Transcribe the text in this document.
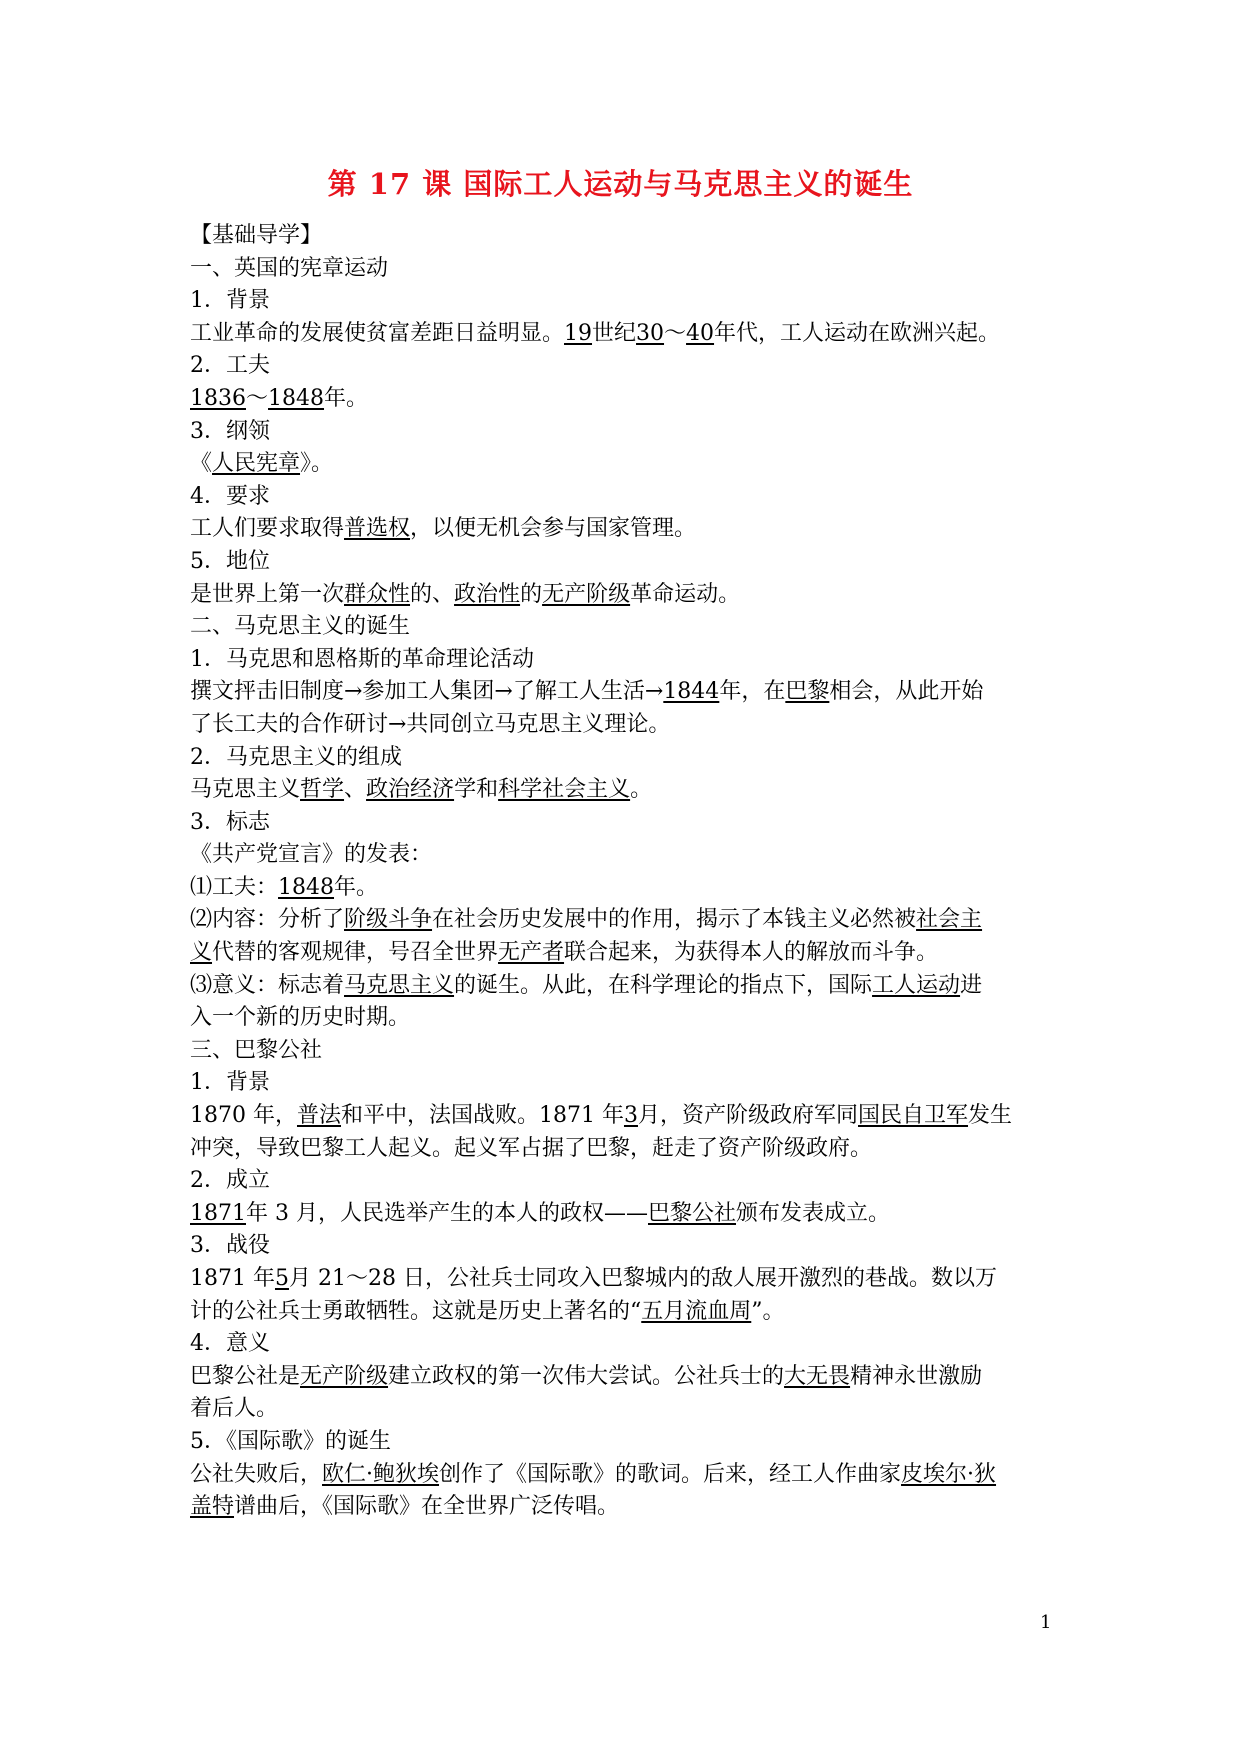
第 17 课 国际工人运动与马克思主义的诞生
【基础导学】
一、英国的宪章运动
1．背景
工业革命的发展使贫富差距日益明显。19世纪30～40年代，工人运动在欧洲兴起。
2．工夫
1836～1848年。
3．纲领
《人民宪章》。
4．要求
工人们要求取得普选权，以便无机会参与国家管理。
5．地位
是世界上第一次群众性的、政治性的无产阶级革命运动。
二、马克思主义的诞生
1．马克思和恩格斯的革命理论活动
撰文抨击旧制度→参加工人集团→了解工人生活→1844年，在巴黎相会，从此开始
了长工夫的合作研讨→共同创立马克思主义理论。
2．马克思主义的组成
马克思主义哲学、政治经济学和科学社会主义。
3．标志
《共产党宣言》的发表：
⑴工夫：1848年。
⑵内容：分析了阶级斗争在社会历史发展中的作用，揭示了本钱主义必然被社会主
义代替的客观规律，号召全世界无产者联合起来，为获得本人的解放而斗争。
⑶意义：标志着马克思主义的诞生。从此，在科学理论的指点下，国际工人运动进
入一个新的历史时期。
三、巴黎公社
1．背景
1870 年，普法和平中，法国战败。1871 年3月，资产阶级政府军同国民自卫军发生
冲突，导致巴黎工人起义。起义军占据了巴黎，赶走了资产阶级政府。
2．成立
1871年 3 月，人民选举产生的本人的政权——巴黎公社颁布发表成立。
3．战役
1871 年5月 21～28 日，公社兵士同攻入巴黎城内的敌人展开激烈的巷战。数以万
计的公社兵士勇敢牺牲。这就是历史上著名的“五月流血周”。
4．意义
巴黎公社是无产阶级建立政权的第一次伟大尝试。公社兵士的大无畏精神永世激励
着后人。
5．《国际歌》的诞生
公社失败后，欧仁·鲍狄埃创作了《国际歌》的歌词。后来，经工人作曲家皮埃尔·狄
盖特谱曲后，《国际歌》在全世界广泛传唱。
1
